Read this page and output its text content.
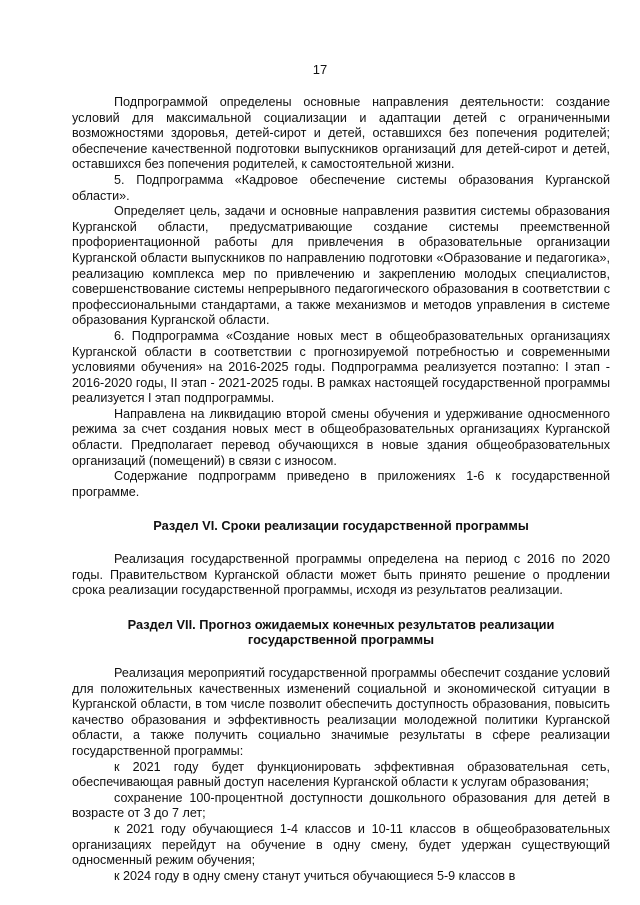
17

Подпрограммой определены основные направления деятельности: создание условий для максимальной социализации и адаптации детей с ограниченными возможностями здоровья, детей-сирот и детей, оставшихся без попечения родителей; обеспечение качественной подготовки выпускников организаций для детей-сирот и детей, оставшихся без попечения родителей, к самостоятельной жизни.

5. Подпрограмма «Кадровое обеспечение системы образования Курганской области».

Определяет цель, задачи и основные направления развития системы образования Курганской области, предусматривающие создание системы преемственной профориентационной работы для привлечения в образовательные организации Курганской области выпускников по направлению подготовки «Образование и педагогика», реализацию комплекса мер по привлечению и закреплению молодых специалистов, совершенствование системы непрерывного педагогического образования в соответствии с профессиональными стандартами, а также механизмов и методов управления в системе образования Курганской области.

6. Подпрограмма «Создание новых мест в общеобразовательных организациях Курганской области в соответствии с прогнозируемой потребностью и современными условиями обучения» на 2016-2025 годы. Подпрограмма реализуется поэтапно: I этап - 2016-2020 годы, II этап - 2021-2025 годы. В рамках настоящей государственной программы реализуется I этап подпрограммы.

Направлена на ликвидацию второй смены обучения и удерживание односменного режима за счет создания новых мест в общеобразовательных организациях Курганской области. Предполагает перевод обучающихся в новые здания общеобразовательных организаций (помещений) в связи с износом.

Содержание подпрограмм приведено в приложениях 1-6 к государственной программе.

Раздел VI. Сроки реализации государственной программы

Реализация государственной программы определена на период с 2016 по 2020 годы. Правительством Курганской области может быть принято решение о продлении срока реализации государственной программы, исходя из результатов реализации.

Раздел VII. Прогноз ожидаемых конечных результатов реализации

государственной программы

Реализация мероприятий государственной программы обеспечит создание условий для положительных качественных изменений социальной и экономической ситуации в Курганской области, в том числе позволит обеспечить доступность образования, повысить качество образования и эффективность реализации молодежной политики Курганской области, а также получить социально значимые результаты в сфере реализации государственной программы:

к 2021 году будет функционировать эффективная образовательная сеть, обеспечивающая равный доступ населения Курганской области к услугам образования;

сохранение 100-процентной доступности дошкольного образования для детей в возрасте от 3 до 7 лет;

к 2021 году обучающиеся 1-4 классов и 10-11 классов в общеобразовательных организациях перейдут на обучение в одну смену, будет удержан существующий односменный режим обучения;

к 2024 году в одну смену станут учиться обучающиеся 5-9 классов в
